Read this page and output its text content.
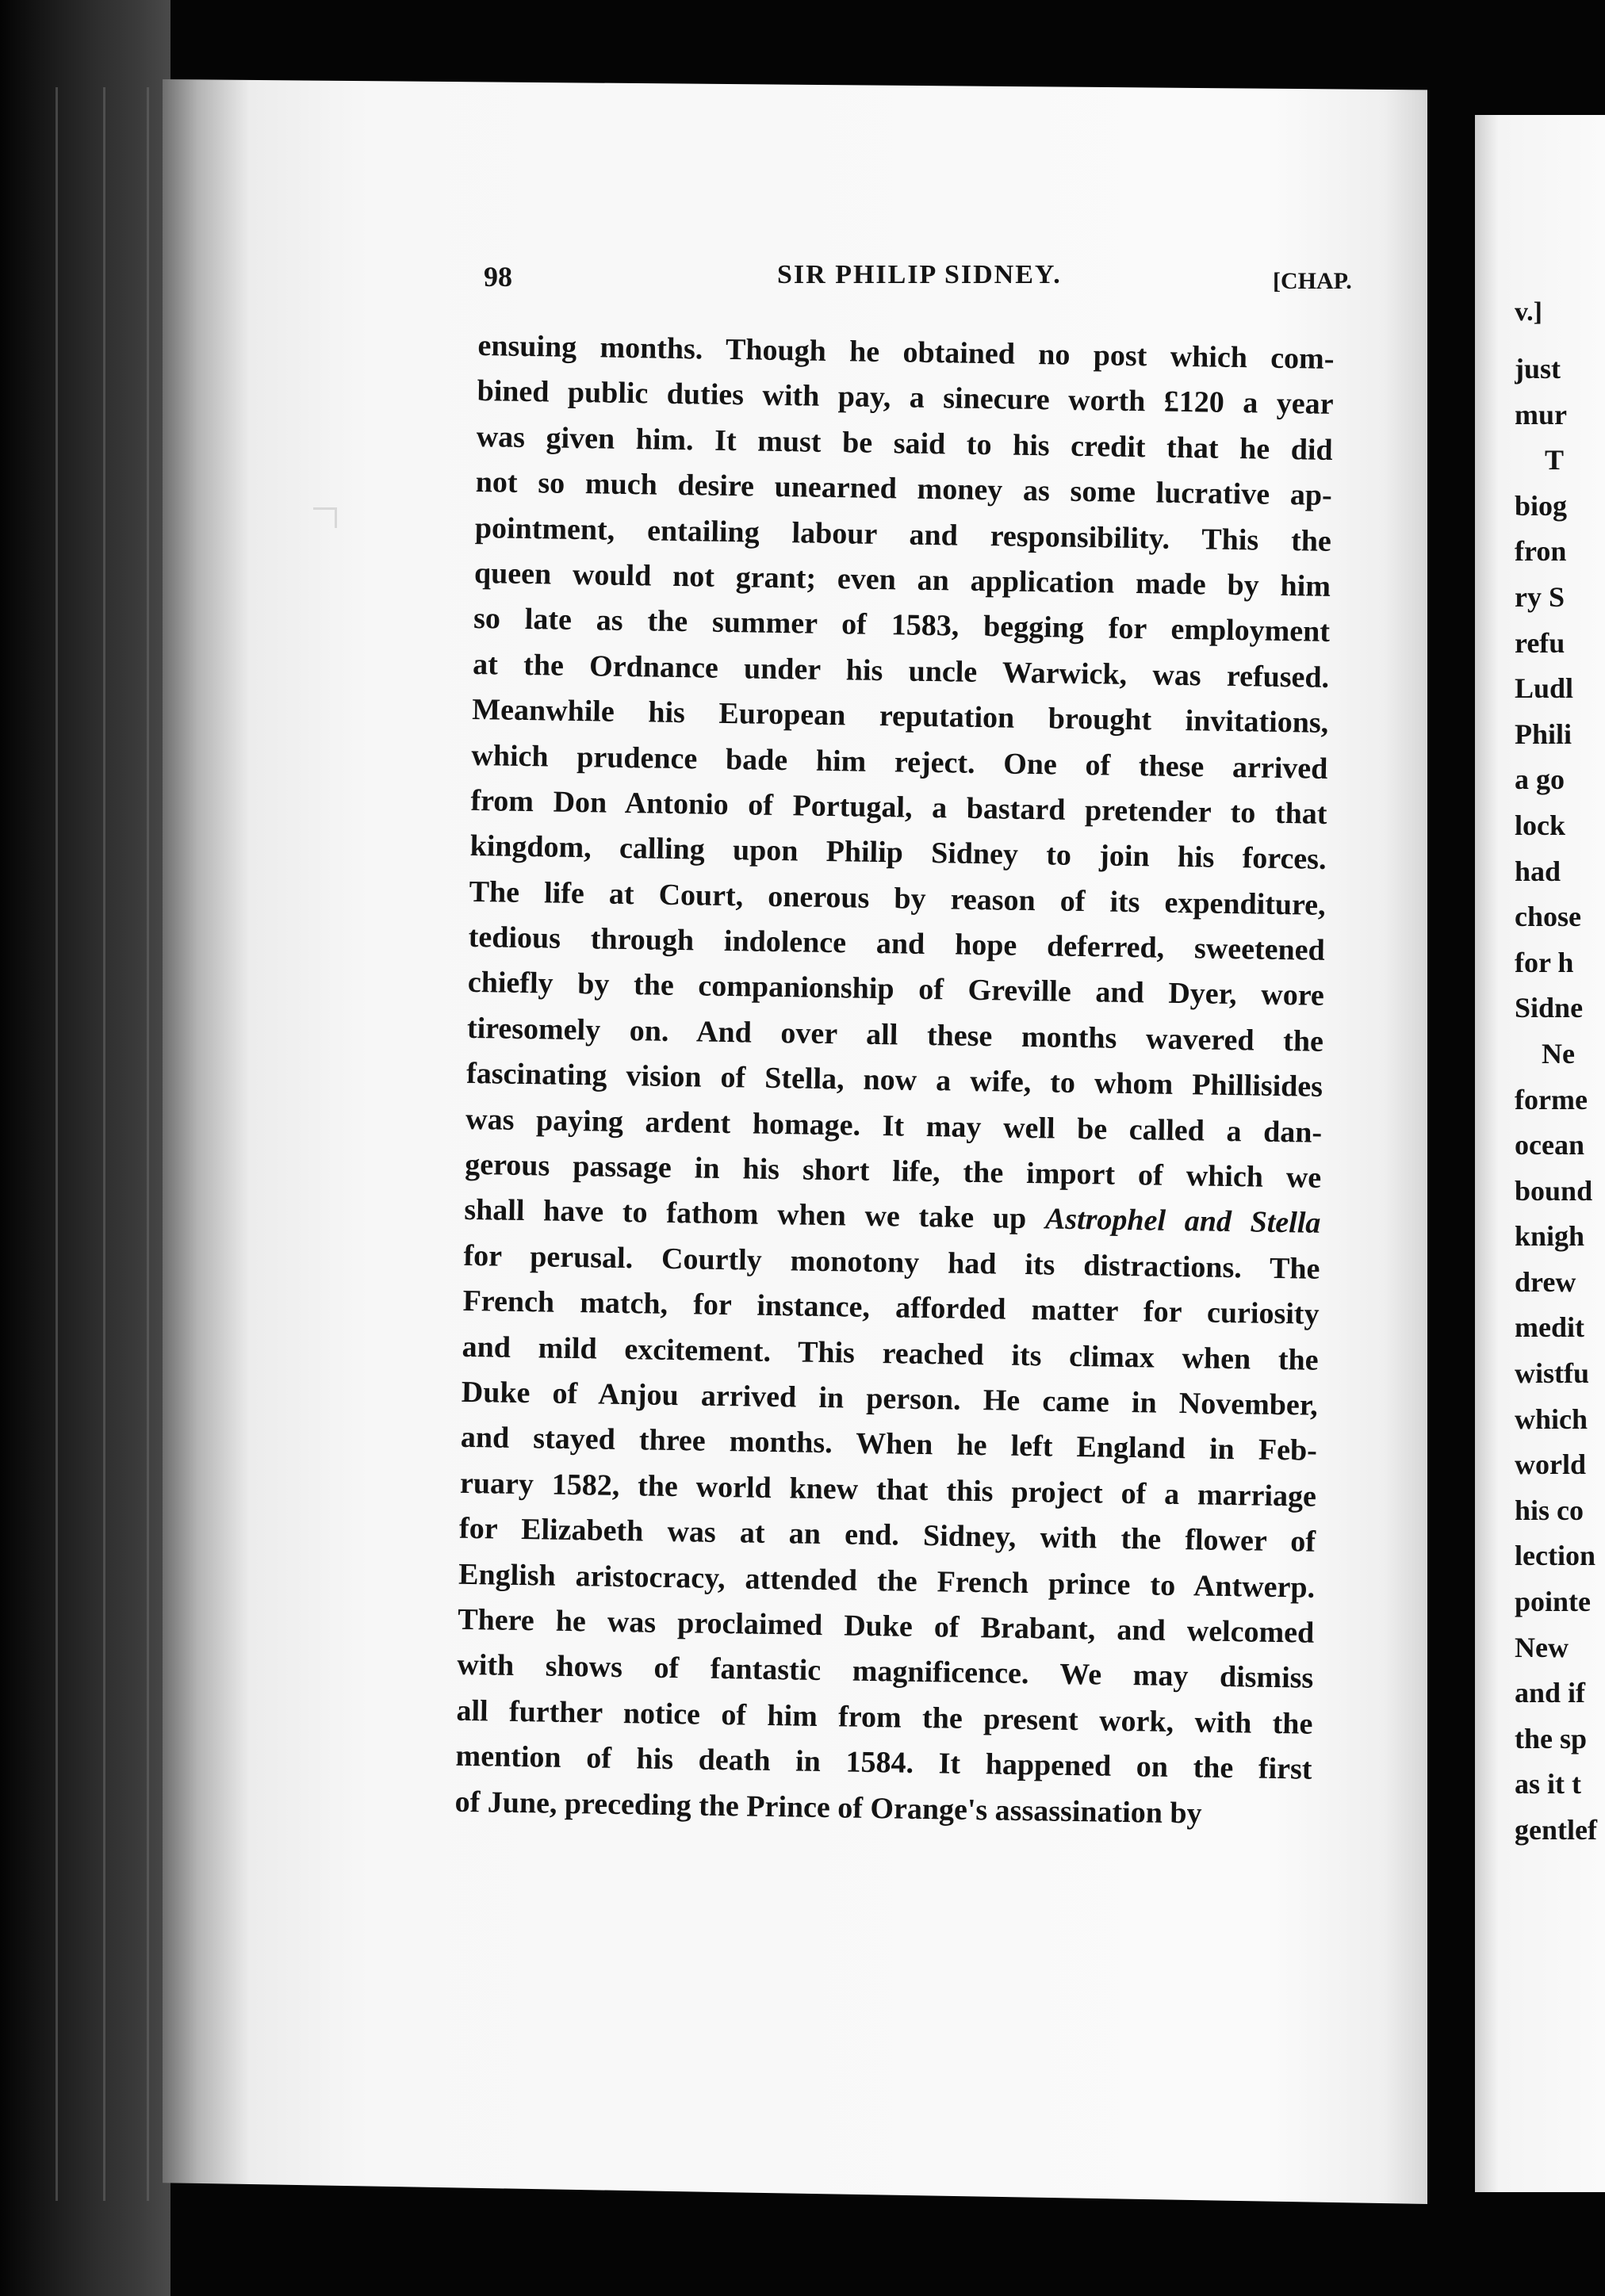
98	SIR PHILIP SIDNEY.	[CHAP.
ensuing months. Though he obtained no post which com-
bined public duties with pay, a sinecure worth £120 a year
was given him. It must be said to his credit that he did
not so much desire unearned money as some lucrative ap-
pointment, entailing labour and responsibility. This the
queen would not grant; even an application made by him
so late as the summer of 1583, begging for employment
at the Ordnance under his uncle Warwick, was refused.
Meanwhile his European reputation brought invitations,
which prudence bade him reject. One of these arrived
from Don Antonio of Portugal, a bastard pretender to that
kingdom, calling upon Philip Sidney to join his forces.
The life at Court, onerous by reason of its expenditure,
tedious through indolence and hope deferred, sweetened
chiefly by the companionship of Greville and Dyer, wore
tiresomely on. And over all these months wavered the
fascinating vision of Stella, now a wife, to whom Phillisides
was paying ardent homage. It may well be called a dan-
gerous passage in his short life, the import of which we
shall have to fathom when we take up Astrophel and Stella
for perusal. Courtly monotony had its distractions. The
French match, for instance, afforded matter for curiosity
and mild excitement. This reached its climax when the
Duke of Anjou arrived in person. He came in November,
and stayed three months. When he left England in Feb-
ruary 1582, the world knew that this project of a marriage
for Elizabeth was at an end. Sidney, with the flower of
English aristocracy, attended the French prince to Antwerp.
There he was proclaimed Duke of Brabant, and welcomed
with shows of fantastic magnificence. We may dismiss
all further notice of him from the present work, with the
mention of his death in 1584. It happened on the first
of June, preceding the Prince of Orange's assassination by
v.]
just
mur
T
biog
fron
ry S
refu
Ludl
Phili
a go
lock
had
chose
for h
Sidne
Ne
forme
ocean
bound
knigh
drew
medit
wistfu
which
world
his co
lection
pointe
New
and if
the sp
as it t
gentlef
